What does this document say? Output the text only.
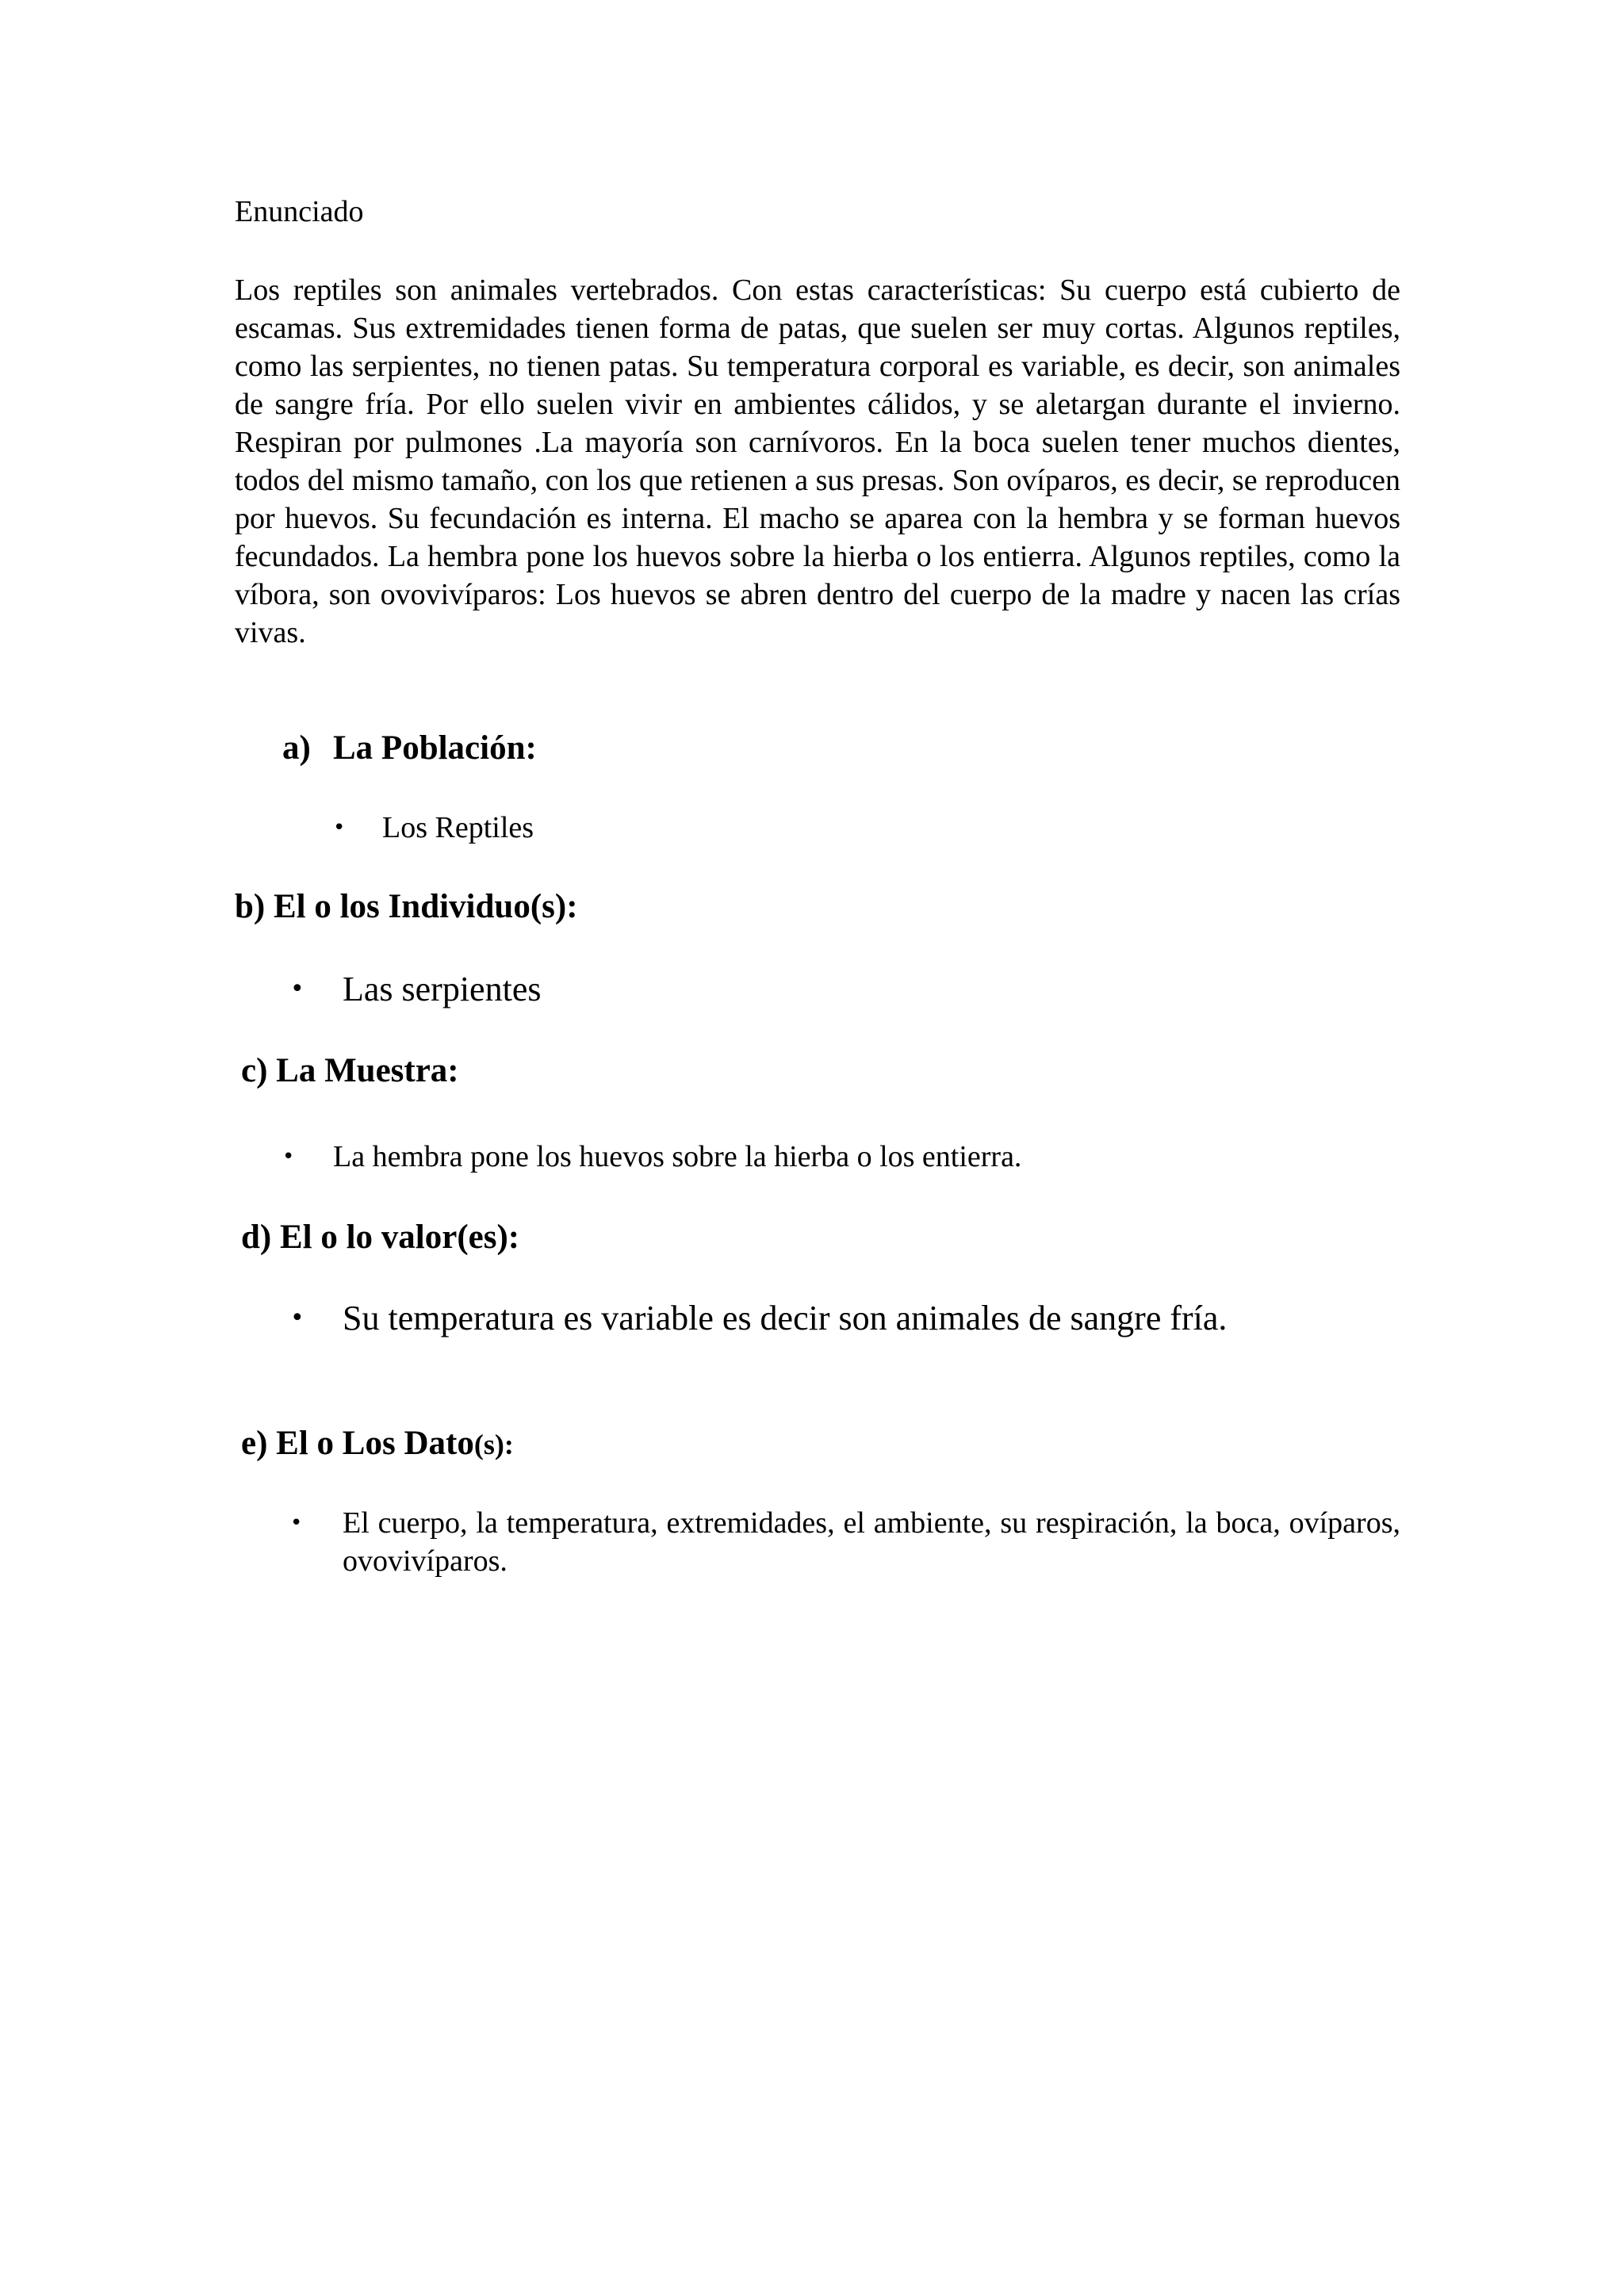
Enunciado
Los reptiles son animales vertebrados. Con estas características: Su cuerpo está cubierto de escamas. Sus extremidades tienen forma de patas, que suelen ser muy cortas. Algunos reptiles, como las serpientes, no tienen patas. Su temperatura corporal es variable, es decir, son animales de sangre fría. Por ello suelen vivir en ambientes cálidos, y se aletargan durante el invierno. Respiran por pulmones .La mayoría son carnívoros. En la boca suelen tener muchos dientes, todos del mismo tamaño, con los que retienen a sus presas. Son ovíparos, es decir, se reproducen por huevos. Su fecundación es interna. El macho se aparea con la hembra y se forman huevos fecundados. La hembra pone los huevos sobre la hierba o los entierra. Algunos reptiles, como la víbora, son ovovivíparos: Los huevos se abren dentro del cuerpo de la madre y nacen las crías vivas.
a) La Población:
•	Los Reptiles
b) El o los Individuo(s):
•	Las serpientes
c) La Muestra:
•	La hembra pone los huevos sobre la hierba o los entierra.
d) El o lo valor(es):
•	Su temperatura es variable es decir son animales de sangre fría.
e) El o Los Dato(s):
•	El cuerpo, la temperatura, extremidades, el ambiente, su respiración, la boca, ovíparos, ovovivíparos.
